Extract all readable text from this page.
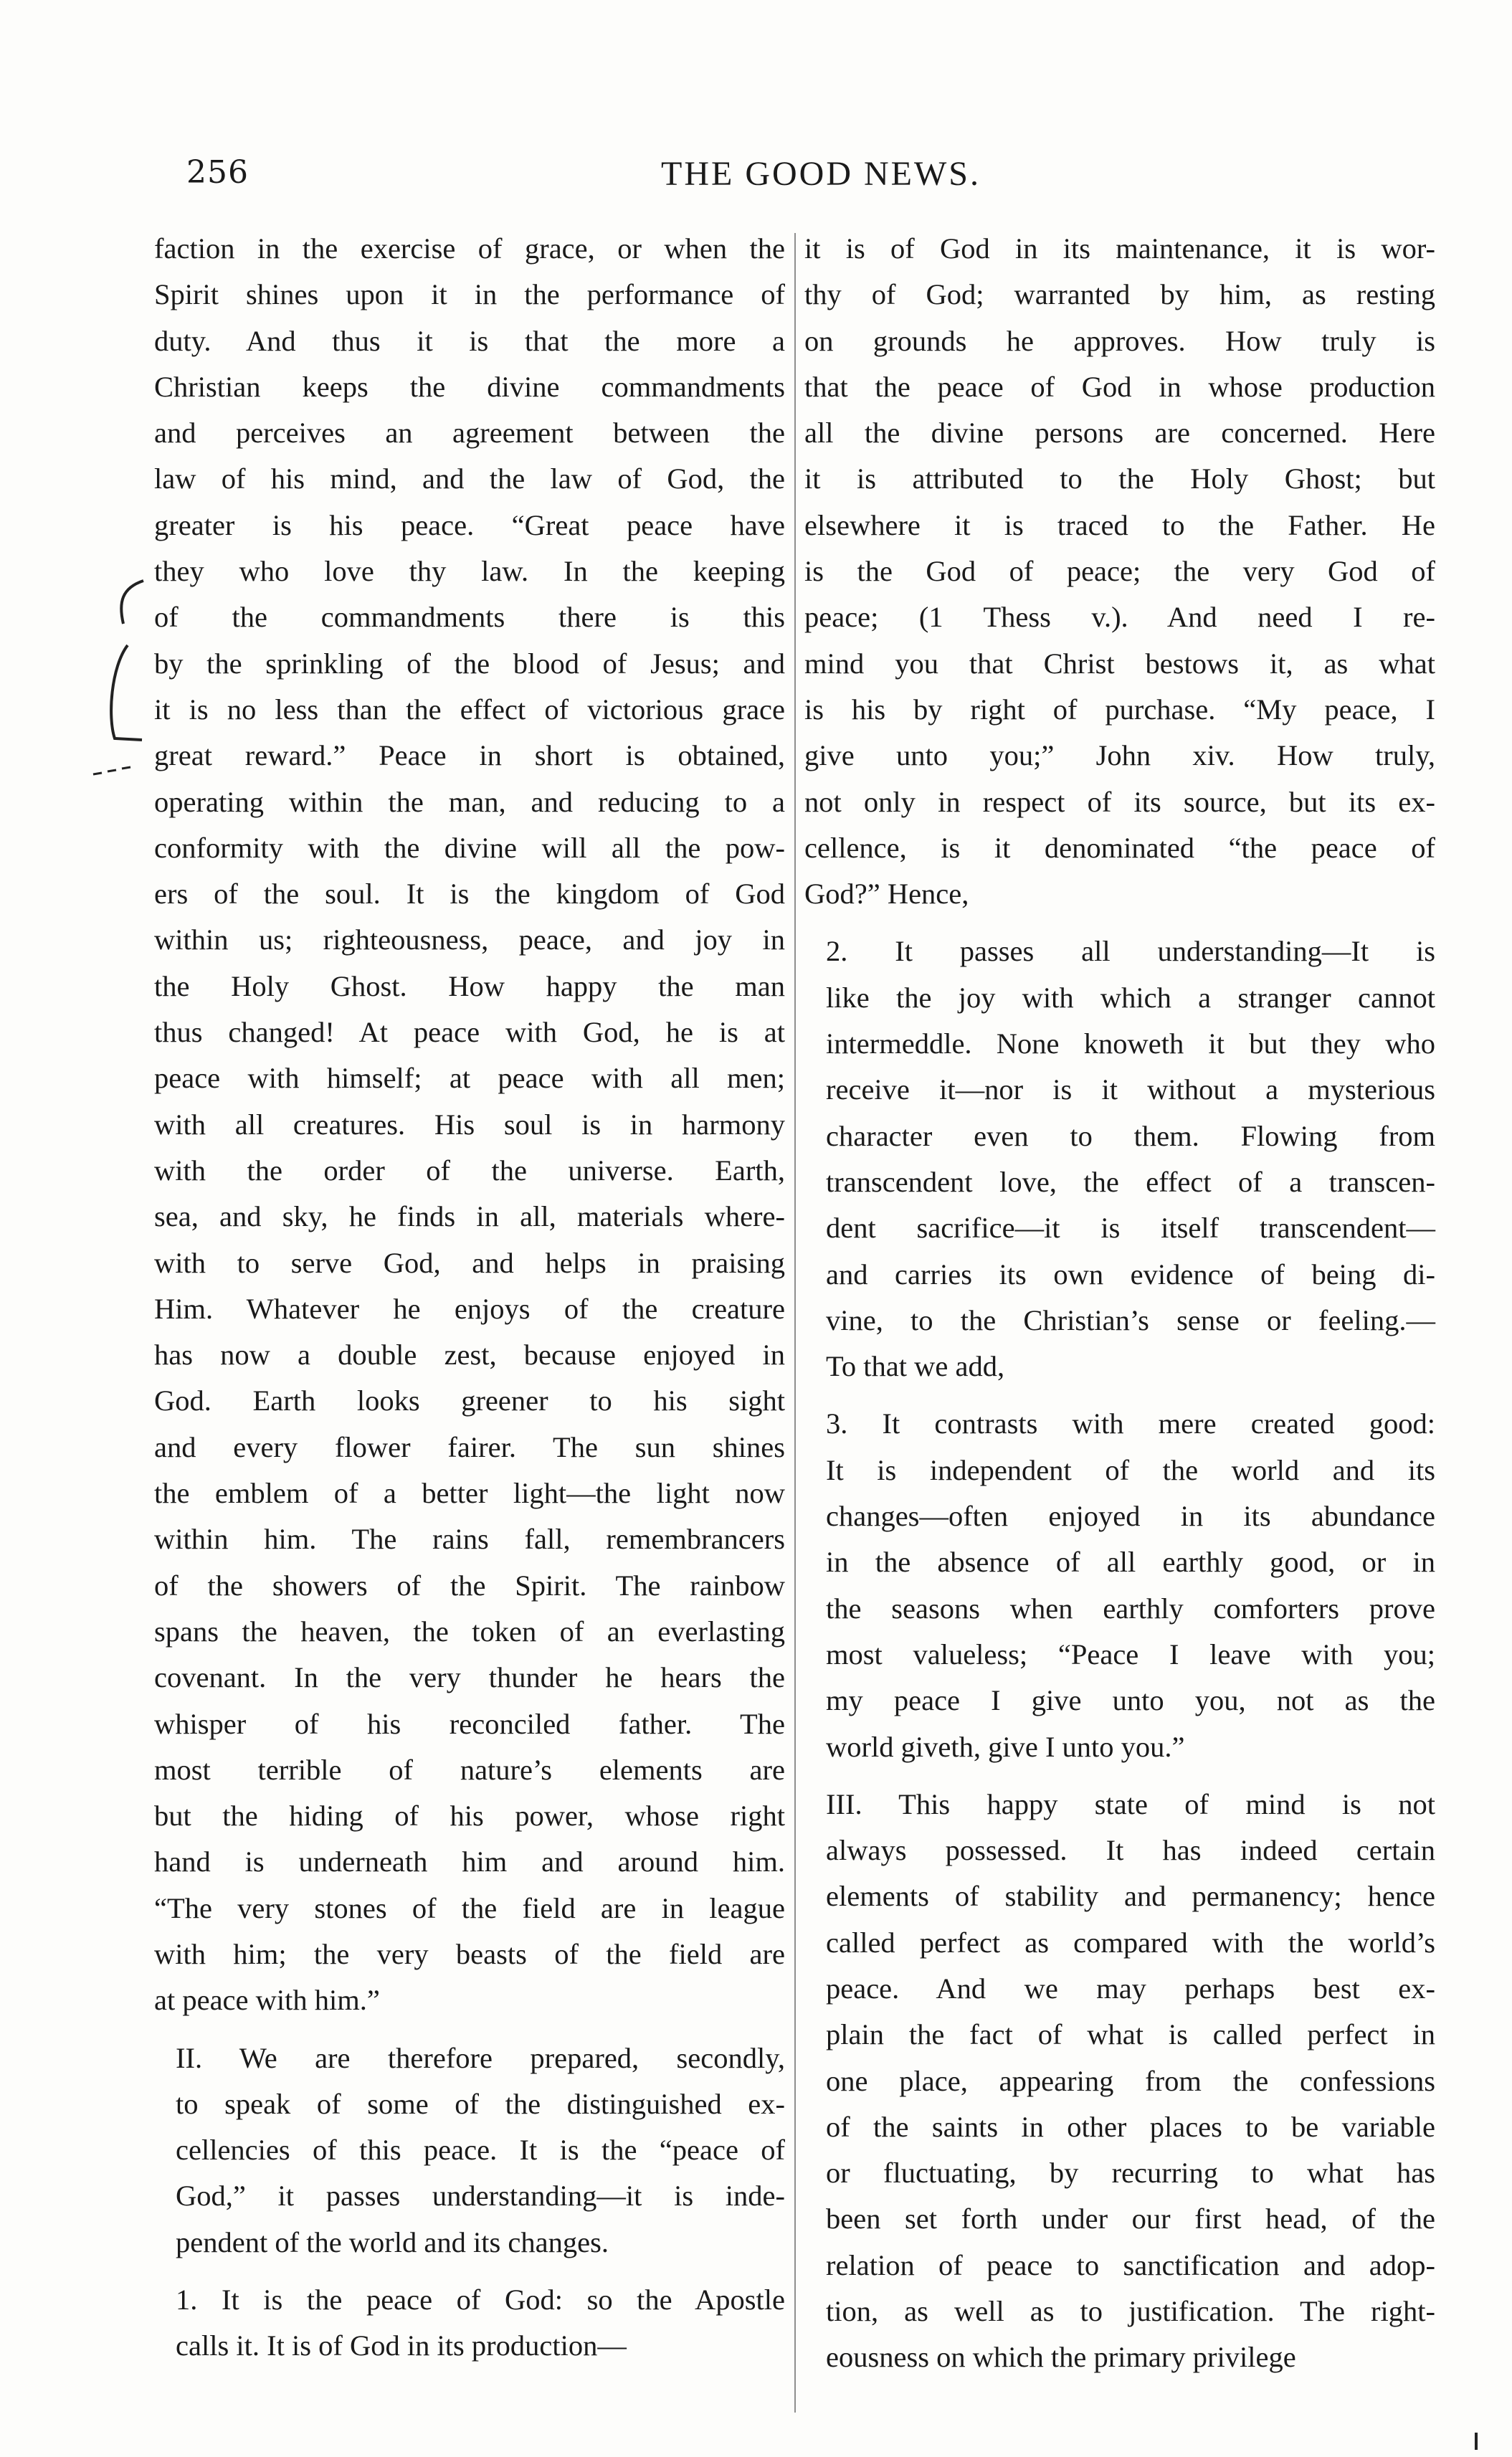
256	THE GOOD NEWS.
faction in the exercise of grace, or when the
Spirit shines upon it in the performance of
duty. And thus it is that the more a
Christian keeps the divine commandments
and perceives an agreement between the
law of his mind, and the law of God, the
greater is his peace. “Great peace have
they who love thy law. In the keeping
of the commandments there is this
by the sprinkling of the blood of Jesus; and
it is no less than the effect of victorious grace
great reward.” Peace in short is obtained,
operating within the man, and reducing to a
conformity with the divine will all the pow-
ers of the soul. It is the kingdom of God
within us; righteousness, peace, and joy in
the Holy Ghost. How happy the man
thus changed! At peace with God, he is at
peace with himself; at peace with all men;
with all creatures. His soul is in harmony
with the order of the universe. Earth,
sea, and sky, he finds in all, materials where-
with to serve God, and helps in praising
Him. Whatever he enjoys of the creature
has now a double zest, because enjoyed in
God. Earth looks greener to his sight
and every flower fairer. The sun shines
the emblem of a better light—the light now
within him. The rains fall, remembrancers
of the showers of the Spirit. The rainbow
spans the heaven, the token of an everlasting
covenant. In the very thunder he hears the
whisper of his reconciled father. The
most terrible of nature’s elements are
but the hiding of his power, whose right
hand is underneath him and around him.
“The very stones of the field are in league
with him; the very beasts of the field are
at peace with him.”
II. We are therefore prepared, secondly,
to speak of some of the distinguished ex-
cellencies of this peace. It is the “peace of
God,” it passes understanding—it is inde-
pendent of the world and its changes.
1. It is the peace of God: so the Apostle
calls it. It is of God in its production—
it is of God in its maintenance, it is wor-
thy of God; warranted by him, as resting
on grounds he approves. How truly is
that the peace of God in whose production
all the divine persons are concerned. Here
it is attributed to the Holy Ghost; but
elsewhere it is traced to the Father. He
is the God of peace; the very God of
peace; (1 Thess v.). And need I re-
mind you that Christ bestows it, as what
is his by right of purchase. “My peace, I
give unto you;” John xiv. How truly,
not only in respect of its source, but its ex-
cellence, is it denominated “the peace of
God?” Hence,
2. It passes all understanding—It is
like the joy with which a stranger cannot
intermeddle. None knoweth it but they who
receive it—nor is it without a mysterious
character even to them. Flowing from
transcendent love, the effect of a transcen-
dent sacrifice—it is itself transcendent—
and carries its own evidence of being di-
vine, to the Christian’s sense or feeling.—
To that we add,
3. It contrasts with mere created good:
It is independent of the world and its
changes—often enjoyed in its abundance
in the absence of all earthly good, or in
the seasons when earthly comforters prove
most valueless; “Peace I leave with you;
my peace I give unto you, not as the
world giveth, give I unto you.”
III. This happy state of mind is not
always possessed. It has indeed certain
elements of stability and permanency; hence
called perfect as compared with the world’s
peace. And we may perhaps best ex-
plain the fact of what is called perfect in
one place, appearing from the confessions
of the saints in other places to be variable
or fluctuating, by recurring to what has
been set forth under our first head, of the
relation of peace to sanctification and adop-
tion, as well as to justification. The right-
eousness on which the primary privilege
